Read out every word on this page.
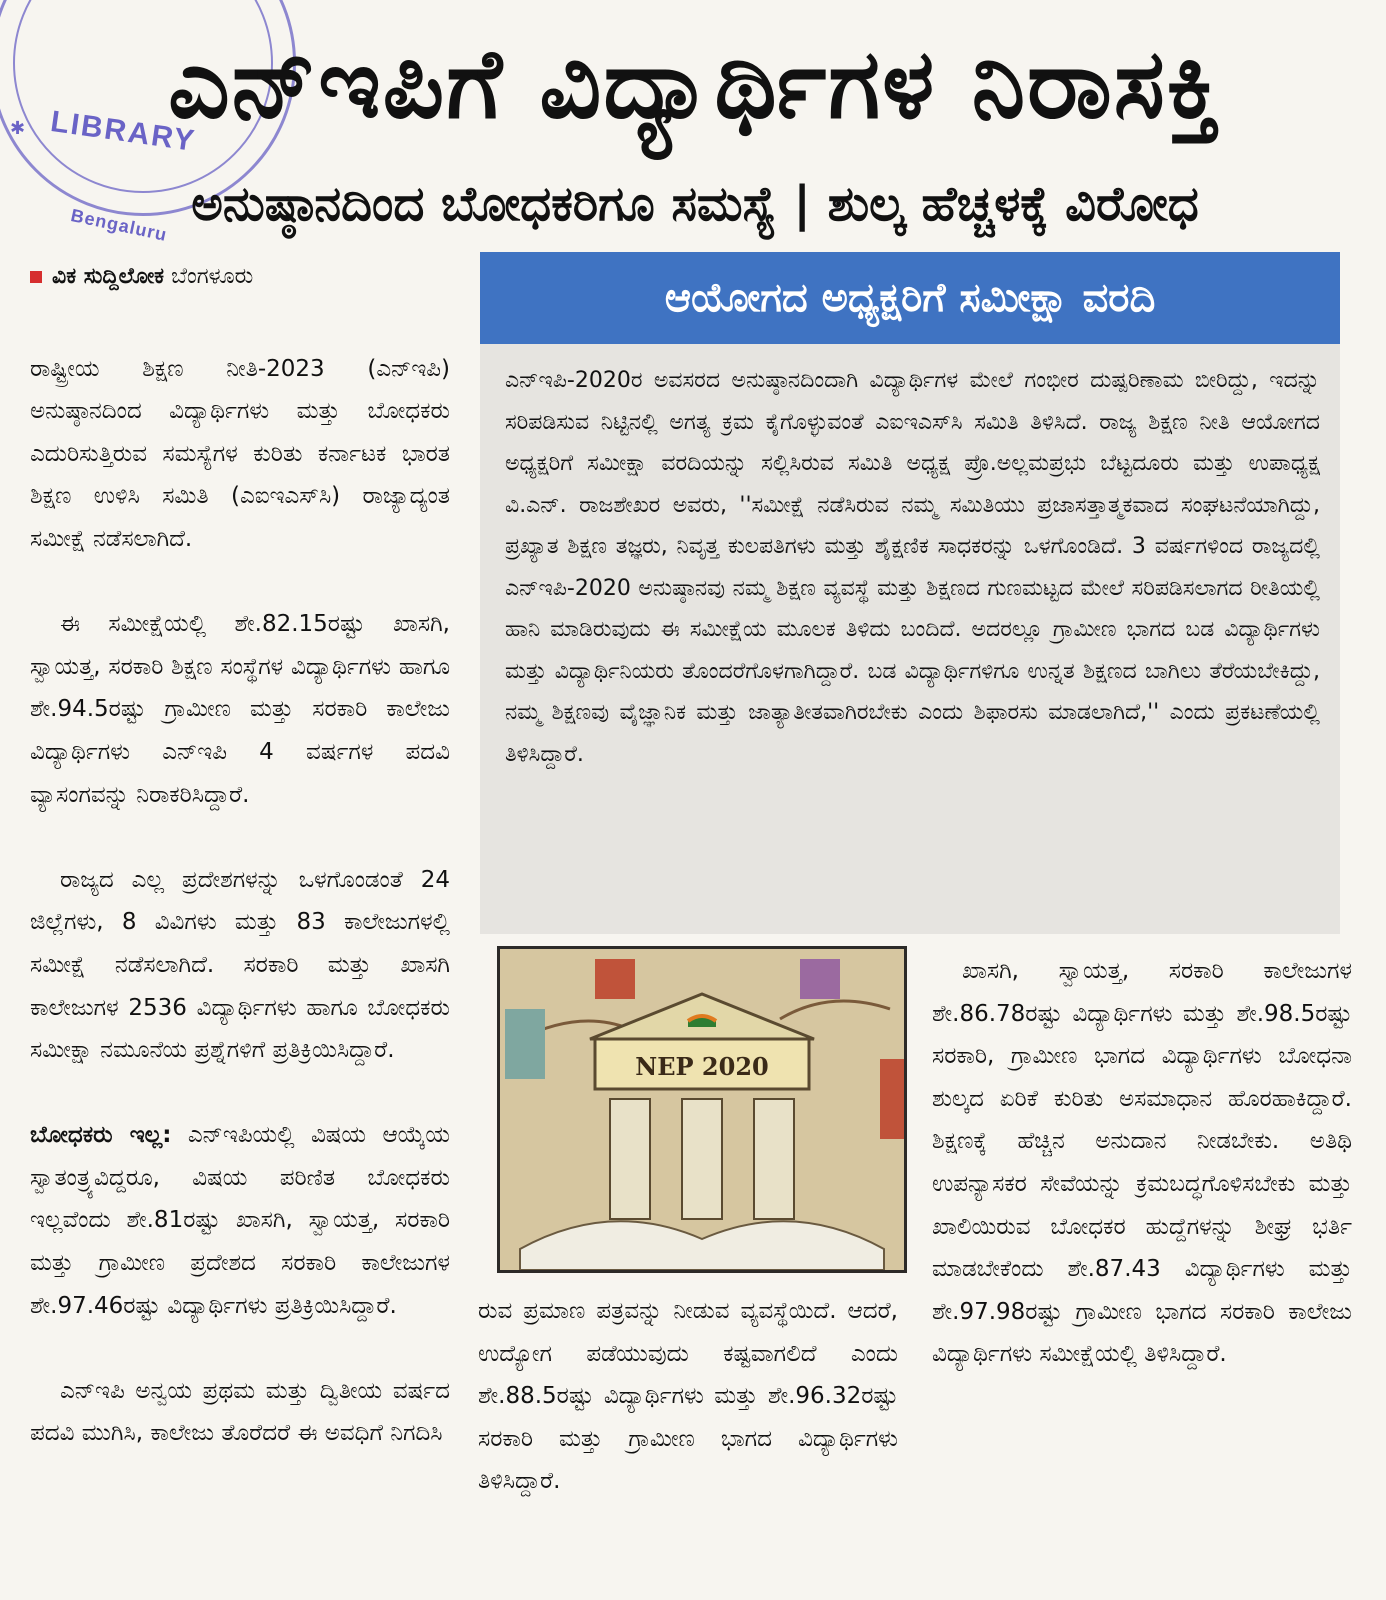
✱ LIBRARY
Bengaluru
ಎನ್‌ಇಪಿಗೆ ವಿದ್ಯಾರ್ಥಿಗಳ ನಿರಾಸಕ್ತಿ
ಅನುಷ್ಠಾನದಿಂದ ಬೋಧಕರಿಗೂ ಸಮಸ್ಯೆ | ಶುಲ್ಕ ಹೆಚ್ಚಳಕ್ಕೆ ವಿರೋಧ
ವಿಕ ಸುದ್ದಿಲೋಕ ಬೆಂಗಳೂರು

ರಾಷ್ಟ್ರೀಯ ಶಿಕ್ಷಣ ನೀತಿ-2023 (ಎನ್‌ಇಪಿ) ಅನುಷ್ಠಾನದಿಂದ ವಿದ್ಯಾರ್ಥಿಗಳು ಮತ್ತು ಬೋಧಕರು ಎದುರಿಸುತ್ತಿರುವ ಸಮಸ್ಯೆಗಳ ಕುರಿತು ಕರ್ನಾಟಕ ಭಾರತ ಶಿಕ್ಷಣ ಉಳಿಸಿ ಸಮಿತಿ (ಎಐಇಎಸ್‌ಸಿ) ರಾಜ್ಯಾದ್ಯಂತ ಸಮೀಕ್ಷೆ ನಡೆಸಲಾಗಿದೆ.

ಈ ಸಮೀಕ್ಷೆಯಲ್ಲಿ ಶೇ.82.15ರಷ್ಟು ಖಾಸಗಿ, ಸ್ವಾಯತ್ತ, ಸರಕಾರಿ ಶಿಕ್ಷಣ ಸಂಸ್ಥೆಗಳ ವಿದ್ಯಾರ್ಥಿಗಳು ಹಾಗೂ ಶೇ.94.5ರಷ್ಟು ಗ್ರಾಮೀಣ ಮತ್ತು ಸರಕಾರಿ ಕಾಲೇಜು ವಿದ್ಯಾರ್ಥಿಗಳು ಎನ್‌ಇಪಿ 4 ವರ್ಷಗಳ ಪದವಿ ವ್ಯಾಸಂಗವನ್ನು ನಿರಾಕರಿಸಿದ್ದಾರೆ.

ರಾಜ್ಯದ ಎಲ್ಲ ಪ್ರದೇಶಗಳನ್ನು ಒಳಗೊಂಡಂತೆ 24 ಜಿಲ್ಲೆಗಳು, 8 ವಿವಿಗಳು ಮತ್ತು 83 ಕಾಲೇಜುಗಳಲ್ಲಿ ಸಮೀಕ್ಷೆ ನಡೆಸಲಾಗಿದೆ. ಸರಕಾರಿ ಮತ್ತು ಖಾಸಗಿ ಕಾಲೇಜುಗಳ 2536 ವಿದ್ಯಾರ್ಥಿಗಳು ಹಾಗೂ ಬೋಧಕರು ಸಮೀಕ್ಷಾ ನಮೂನೆಯ ಪ್ರಶ್ನೆಗಳಿಗೆ ಪ್ರತಿಕ್ರಿಯಿಸಿದ್ದಾರೆ.

ಬೋಧಕರು ಇಲ್ಲ: ಎನ್‌ಇಪಿಯಲ್ಲಿ ವಿಷಯ ಆಯ್ಕೆಯ ಸ್ವಾತಂತ್ರ್ಯವಿದ್ದರೂ, ವಿಷಯ ಪರಿಣಿತ ಬೋಧಕರು ಇಲ್ಲವೆಂದು ಶೇ.81ರಷ್ಟು ಖಾಸಗಿ, ಸ್ವಾಯತ್ತ, ಸರಕಾರಿ ಮತ್ತು ಗ್ರಾಮೀಣ ಪ್ರದೇಶದ ಸರಕಾರಿ ಕಾಲೇಜುಗಳ ಶೇ.97.46ರಷ್ಟು ವಿದ್ಯಾರ್ಥಿಗಳು ಪ್ರತಿಕ್ರಿಯಿಸಿದ್ದಾರೆ.

ಎನ್‌ಇಪಿ ಅನ್ವಯ ಪ್ರಥಮ ಮತ್ತು ದ್ವಿತೀಯ ವರ್ಷದ ಪದವಿ ಮುಗಿಸಿ, ಕಾಲೇಜು ತೊರೆದರೆ ಈ ಅವಧಿಗೆ ನಿಗದಿಸಿ

ಆಯೋಗದ ಅಧ್ಯಕ್ಷರಿಗೆ ಸಮೀಕ್ಷಾ ವರದಿ
ಎನ್‌ಇಪಿ-2020ರ ಅವಸರದ ಅನುಷ್ಠಾನದಿಂದಾಗಿ ವಿದ್ಯಾರ್ಥಿಗಳ ಮೇಲೆ ಗಂಭೀರ ದುಷ್ಪರಿಣಾಮ ಬೀರಿದ್ದು, ಇದನ್ನು ಸರಿಪಡಿಸುವ ನಿಟ್ಟಿನಲ್ಲಿ ಅಗತ್ಯ ಕ್ರಮ ಕೈಗೊಳ್ಳುವಂತೆ ಎಐಇಎಸ್‌ಸಿ ಸಮಿತಿ ತಿಳಿಸಿದೆ. ರಾಜ್ಯ ಶಿಕ್ಷಣ ನೀತಿ ಆಯೋಗದ ಅಧ್ಯಕ್ಷರಿಗೆ ಸಮೀಕ್ಷಾ ವರದಿಯನ್ನು ಸಲ್ಲಿಸಿರುವ ಸಮಿತಿ ಅಧ್ಯಕ್ಷ ಪ್ರೊ.ಅಲ್ಲಮಪ್ರಭು ಬೆಟ್ಟದೂರು ಮತ್ತು ಉಪಾಧ್ಯಕ್ಷ ವಿ.ಎನ್. ರಾಜಶೇಖರ ಅವರು, ''ಸಮೀಕ್ಷೆ ನಡೆಸಿರುವ ನಮ್ಮ ಸಮಿತಿಯು ಪ್ರಜಾಸತ್ತಾತ್ಮಕವಾದ ಸಂಘಟನೆಯಾಗಿದ್ದು, ಪ್ರಖ್ಯಾತ ಶಿಕ್ಷಣ ತಜ್ಞರು, ನಿವೃತ್ತ ಕುಲಪತಿಗಳು ಮತ್ತು ಶೈಕ್ಷಣಿಕ ಸಾಧಕರನ್ನು ಒಳಗೊಂಡಿದೆ. 3 ವರ್ಷಗಳಿಂದ ರಾಜ್ಯದಲ್ಲಿ ಎನ್‌ಇಪಿ-2020 ಅನುಷ್ಠಾನವು ನಮ್ಮ ಶಿಕ್ಷಣ ವ್ಯವಸ್ಥೆ ಮತ್ತು ಶಿಕ್ಷಣದ ಗುಣಮಟ್ಟದ ಮೇಲೆ ಸರಿಪಡಿಸಲಾಗದ ರೀತಿಯಲ್ಲಿ ಹಾನಿ ಮಾಡಿರುವುದು ಈ ಸಮೀಕ್ಷೆಯ ಮೂಲಕ ತಿಳಿದು ಬಂದಿದೆ. ಅದರಲ್ಲೂ ಗ್ರಾಮೀಣ ಭಾಗದ ಬಡ ವಿದ್ಯಾರ್ಥಿಗಳು ಮತ್ತು ವಿದ್ಯಾರ್ಥಿನಿಯರು ತೊಂದರೆಗೊಳಗಾಗಿದ್ದಾರೆ. ಬಡ ವಿದ್ಯಾರ್ಥಿಗಳಿಗೂ ಉನ್ನತ ಶಿಕ್ಷಣದ ಬಾಗಿಲು ತೆರೆಯಬೇಕಿದ್ದು, ನಮ್ಮ ಶಿಕ್ಷಣವು ವೈಜ್ಞಾನಿಕ ಮತ್ತು ಜಾತ್ಯಾತೀತವಾಗಿರಬೇಕು ಎಂದು ಶಿಫಾರಸು ಮಾಡಲಾಗಿದೆ,'' ಎಂದು ಪ್ರಕಟಣೆಯಲ್ಲಿ ತಿಳಿಸಿದ್ದಾರೆ.
NEP 2020
ರುವ ಪ್ರಮಾಣ ಪತ್ರವನ್ನು ನೀಡುವ ವ್ಯವಸ್ಥೆಯಿದೆ. ಆದರೆ, ಉದ್ಯೋಗ ಪಡೆಯುವುದು ಕಷ್ಟವಾಗಲಿದೆ ಎಂದು ಶೇ.88.5ರಷ್ಟು ವಿದ್ಯಾರ್ಥಿಗಳು ಮತ್ತು ಶೇ.96.32ರಷ್ಟು ಸರಕಾರಿ ಮತ್ತು ಗ್ರಾಮೀಣ ಭಾಗದ ವಿದ್ಯಾರ್ಥಿಗಳು ತಿಳಿಸಿದ್ದಾರೆ.
ಖಾಸಗಿ, ಸ್ವಾಯತ್ತ, ಸರಕಾರಿ ಕಾಲೇಜುಗಳ ಶೇ.86.78ರಷ್ಟು ವಿದ್ಯಾರ್ಥಿಗಳು ಮತ್ತು ಶೇ.98.5ರಷ್ಟು ಸರಕಾರಿ, ಗ್ರಾಮೀಣ ಭಾಗದ ವಿದ್ಯಾರ್ಥಿಗಳು ಬೋಧನಾ ಶುಲ್ಕದ ಏರಿಕೆ ಕುರಿತು ಅಸಮಾಧಾನ ಹೊರಹಾಕಿದ್ದಾರೆ. ಶಿಕ್ಷಣಕ್ಕೆ ಹೆಚ್ಚಿನ ಅನುದಾನ ನೀಡಬೇಕು. ಅತಿಥಿ ಉಪನ್ಯಾಸಕರ ಸೇವೆಯನ್ನು ಕ್ರಮಬದ್ಧಗೊಳಿಸಬೇಕು ಮತ್ತು ಖಾಲಿಯಿರುವ ಬೋಧಕರ ಹುದ್ದೆಗಳನ್ನು ಶೀಘ್ರ ಭರ್ತಿ ಮಾಡಬೇಕೆಂದು ಶೇ.87.43 ವಿದ್ಯಾರ್ಥಿಗಳು ಮತ್ತು ಶೇ.97.98ರಷ್ಟು ಗ್ರಾಮೀಣ ಭಾಗದ ಸರಕಾರಿ ಕಾಲೇಜು ವಿದ್ಯಾರ್ಥಿಗಳು ಸಮೀಕ್ಷೆಯಲ್ಲಿ ತಿಳಿಸಿದ್ದಾರೆ.
